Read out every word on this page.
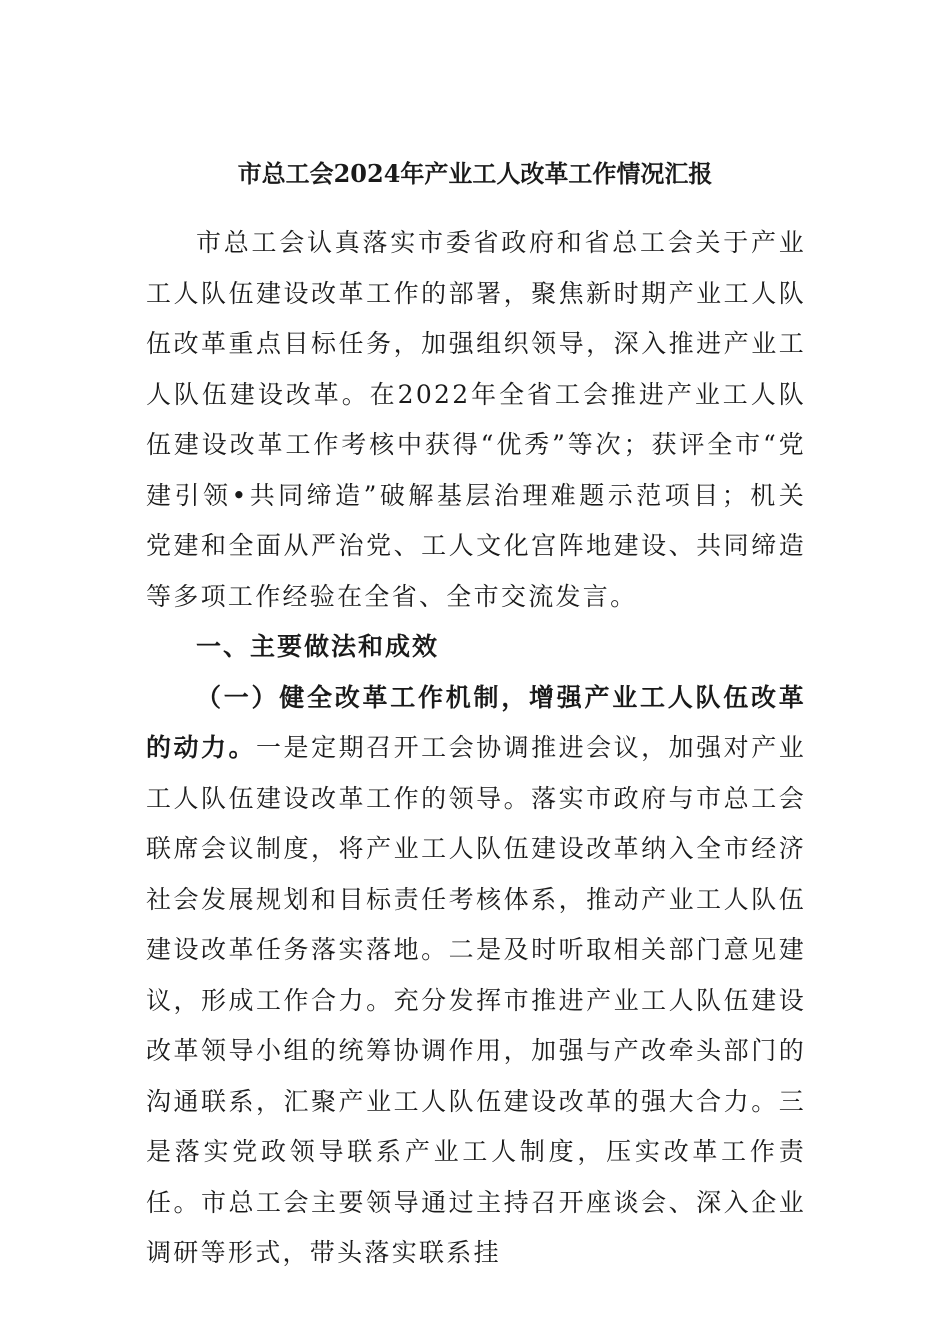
市总工会2024年产业工人改革工作情况汇报

市总工会认真落实市委省政府和省总工会关于产业工人队伍建设改革工作的部署，聚焦新时期产业工人队伍改革重点目标任务，加强组织领导，深入推进产业工人队伍建设改革。在2022年全省工会推进产业工人队伍建设改革工作考核中获得“优秀”等次；获评全市“党建引领•共同缔造”破解基层治理难题示范项目；机关党建和全面从严治党、工人文化宫阵地建设、共同缔造等多项工作经验在全省、全市交流发言。

一、主要做法和成效

（一）健全改革工作机制，增强产业工人队伍改革的动力。一是定期召开工会协调推进会议，加强对产业工人队伍建设改革工作的领导。落实市政府与市总工会联席会议制度，将产业工人队伍建设改革纳入全市经济社会发展规划和目标责任考核体系，推动产业工人队伍建设改革任务落实落地。二是及时听取相关部门意见建议，形成工作合力。充分发挥市推进产业工人队伍建设改革领导小组的统筹协调作用，加强与产改牵头部门的沟通联系，汇聚产业工人队伍建设改革的强大合力。三是落实党政领导联系产业工人制度，压实改革工作责任。市总工会主要领导通过主持召开座谈会、深入企业调研等形式，带头落实联系挂
